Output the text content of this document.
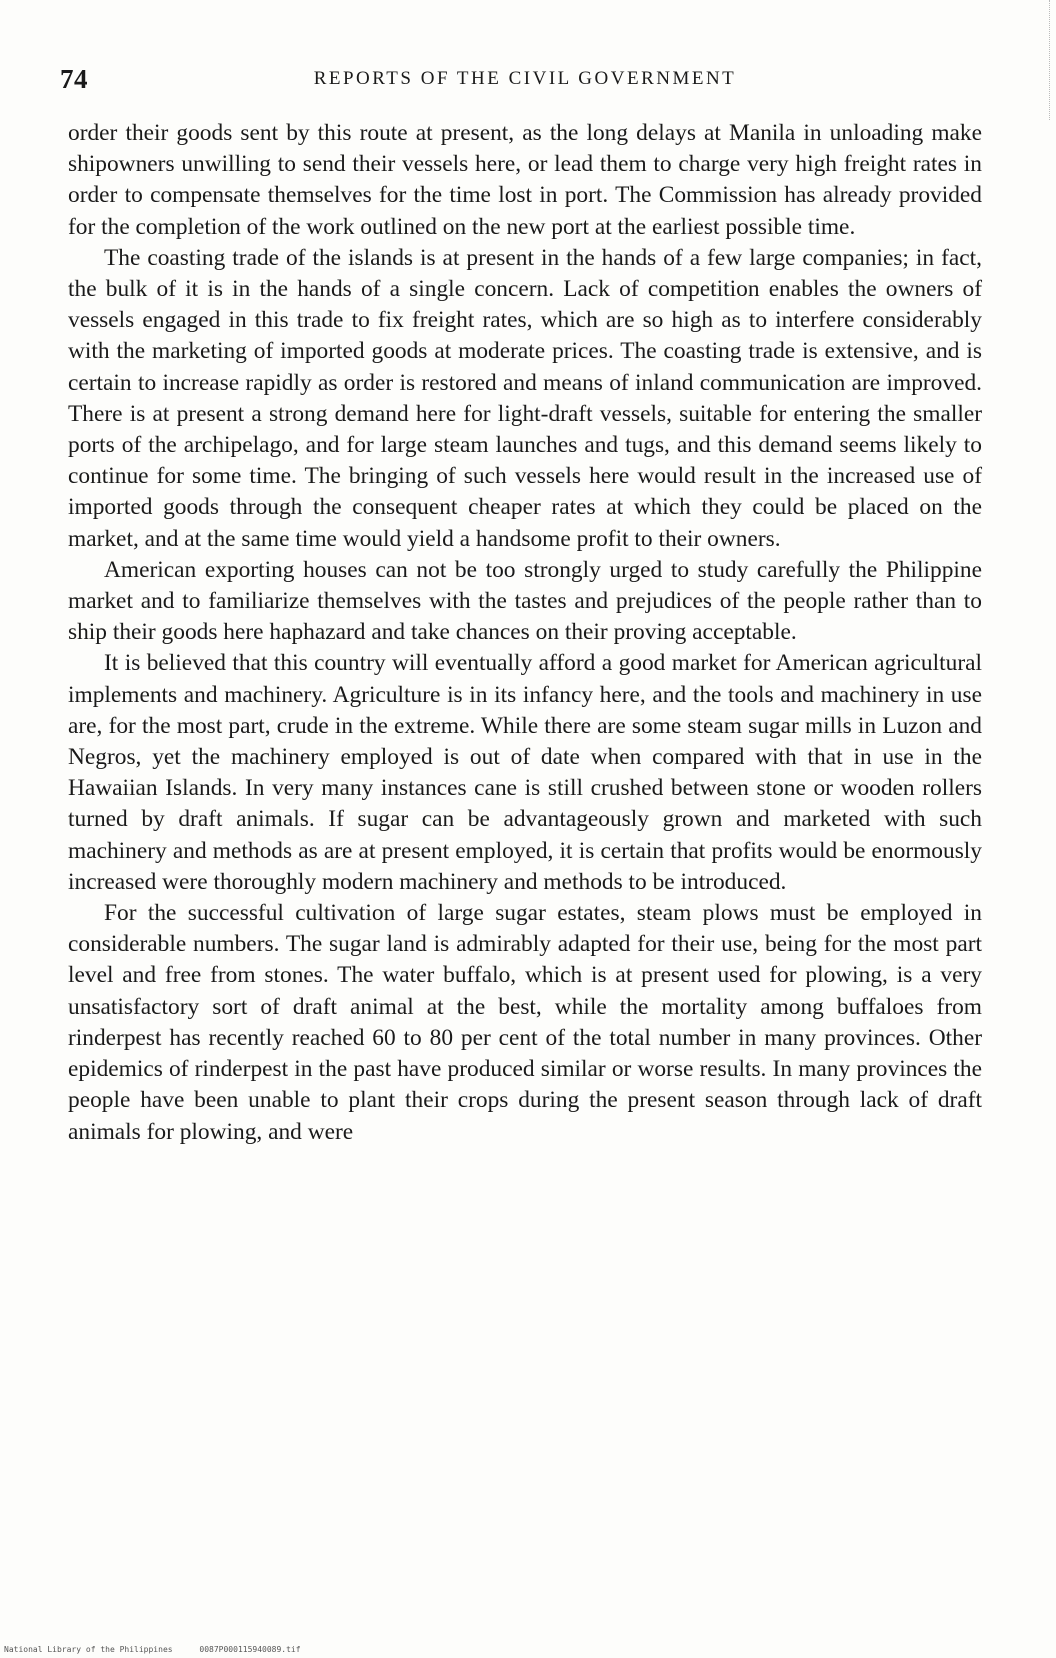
74	REPORTS OF THE CIVIL GOVERNMENT

order their goods sent by this route at present, as the long delays at Manila in unloading make shipowners unwilling to send their vessels here, or lead them to charge very high freight rates in order to compensate themselves for the time lost in port. The Commission has already provided for the completion of the work outlined on the new port at the earliest possible time.

The coasting trade of the islands is at present in the hands of a few large companies; in fact, the bulk of it is in the hands of a single concern. Lack of competition enables the owners of vessels engaged in this trade to fix freight rates, which are so high as to interfere considerably with the marketing of imported goods at moderate prices. The coasting trade is extensive, and is certain to increase rapidly as order is restored and means of inland communication are improved. There is at present a strong demand here for light-draft vessels, suitable for entering the smaller ports of the archipelago, and for large steam launches and tugs, and this demand seems likely to continue for some time. The bringing of such vessels here would result in the increased use of imported goods through the consequent cheaper rates at which they could be placed on the market, and at the same time would yield a handsome profit to their owners.

American exporting houses can not be too strongly urged to study carefully the Philippine market and to familiarize themselves with the tastes and prejudices of the people rather than to ship their goods here haphazard and take chances on their proving acceptable.

It is believed that this country will eventually afford a good market for American agricultural implements and machinery. Agriculture is in its infancy here, and the tools and machinery in use are, for the most part, crude in the extreme. While there are some steam sugar mills in Luzon and Negros, yet the machinery employed is out of date when compared with that in use in the Hawaiian Islands. In very many instances cane is still crushed between stone or wooden rollers turned by draft animals. If sugar can be advantageously grown and marketed with such machinery and methods as are at present employed, it is certain that profits would be enormously increased were thoroughly modern machinery and methods to be introduced.

For the successful cultivation of large sugar estates, steam plows must be employed in considerable numbers. The sugar land is admirably adapted for their use, being for the most part level and free from stones. The water buffalo, which is at present used for plowing, is a very unsatisfactory sort of draft animal at the best, while the mortality among buffaloes from rinderpest has recently reached 60 to 80 per cent of the total number in many provinces. Other epidemics of rinderpest in the past have produced similar or worse results. In many provinces the people have been unable to plant their crops during the present season through lack of draft animals for plowing, and were

National Library of the Philippines	0087P000115940089.tif
